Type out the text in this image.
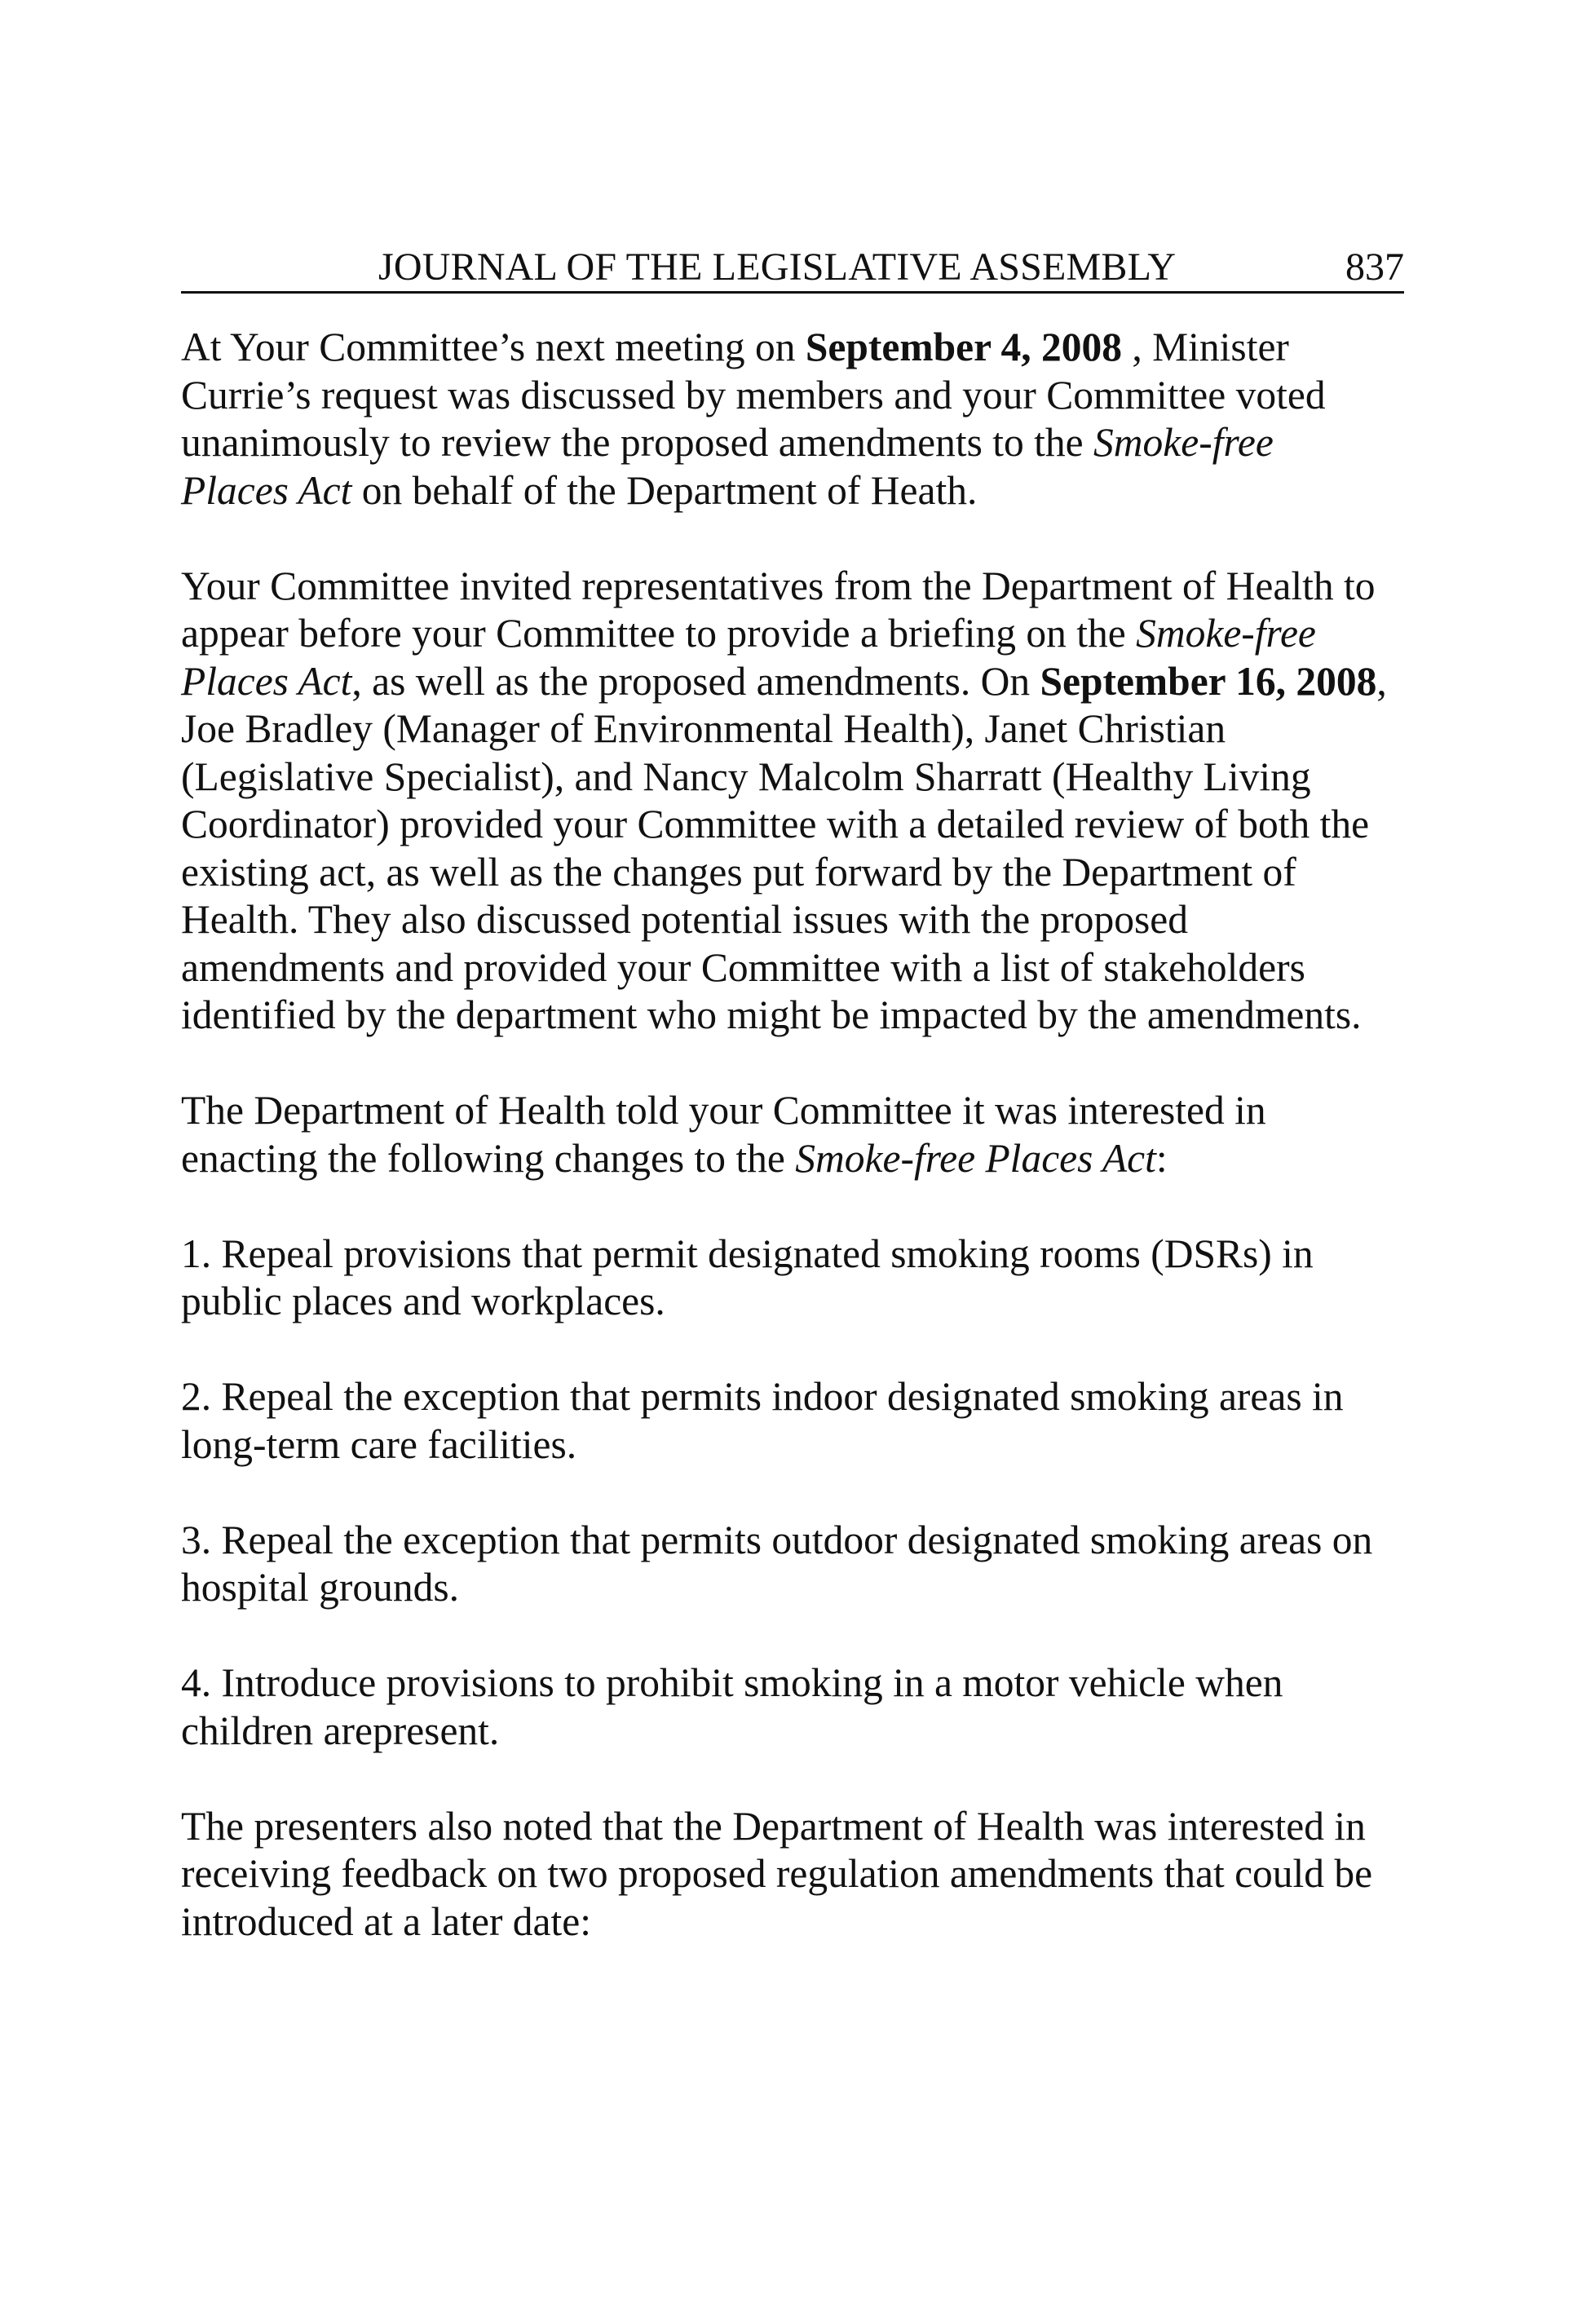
JOURNAL OF THE LEGISLATIVE ASSEMBLY	837

At Your Committee’s next meeting on September 4, 2008 , Minister
Currie’s request was discussed by members and your Committee voted
unanimously to review the proposed amendments to the Smoke-free
Places Act on behalf of the Department of Heath.

Your Committee invited representatives from the Department of Health to
appear before your Committee to provide a briefing on the Smoke-free
Places Act, as well as the proposed amendments. On September 16, 2008,
Joe Bradley (Manager of Environmental Health), Janet Christian
(Legislative Specialist), and Nancy Malcolm Sharratt (Healthy Living
Coordinator) provided your Committee with a detailed review of both the
existing act, as well as the changes put forward by the Department of
Health. They also discussed potential issues with the proposed
amendments and provided your Committee with a list of stakeholders
identified by the department who might be impacted by the amendments.

The Department of Health told your Committee it was interested in
enacting the following changes to the Smoke-free Places Act:

1. Repeal provisions that permit designated smoking rooms (DSRs) in
public places and workplaces.

2. Repeal the exception that permits indoor designated smoking areas in
long-term care facilities.

3. Repeal the exception that permits outdoor designated smoking areas on
hospital grounds.

4. Introduce provisions to prohibit smoking in a motor vehicle when
children arepresent.

The presenters also noted that the Department of Health was interested in
receiving feedback on two proposed regulation amendments that could be
introduced at a later date:
